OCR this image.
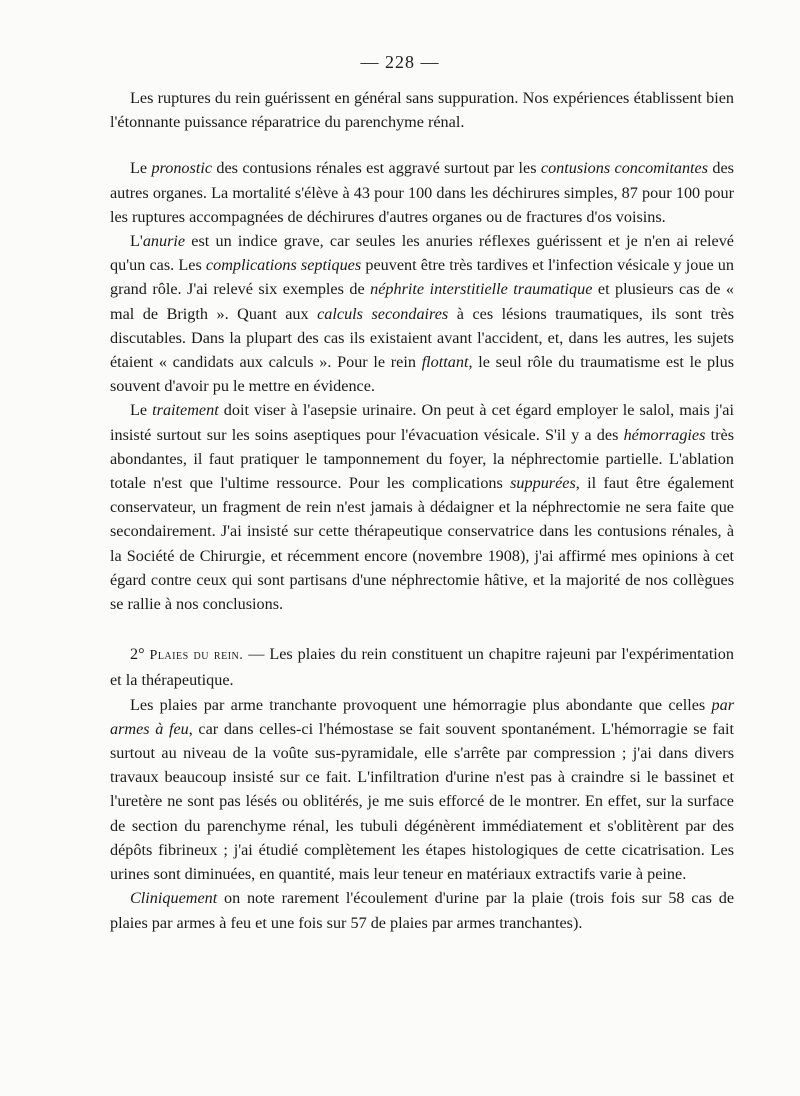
— 228 —

Les ruptures du rein guérissent en général sans suppuration. Nos expériences établissent bien l'étonnante puissance réparatrice du parenchyme rénal.

Le pronostic des contusions rénales est aggravé surtout par les contusions concomitantes des autres organes. La mortalité s'élève à 43 pour 100 dans les déchirures simples, 87 pour 100 pour les ruptures accompagnées de déchirures d'autres organes ou de fractures d'os voisins.

L'anurie est un indice grave, car seules les anuries réflexes guérissent et je n'en ai relevé qu'un cas. Les complications septiques peuvent être très tardives et l'infection vésicale y joue un grand rôle. J'ai relevé six exemples de néphrite interstitielle traumatique et plusieurs cas de « mal de Brigth ». Quant aux calculs secondaires à ces lésions traumatiques, ils sont très discutables. Dans la plupart des cas ils existaient avant l'accident, et, dans les autres, les sujets étaient « candidats aux calculs ». Pour le rein flottant, le seul rôle du traumatisme est le plus souvent d'avoir pu le mettre en évidence.

Le traitement doit viser à l'asepsie urinaire. On peut à cet égard employer le salol, mais j'ai insisté surtout sur les soins aseptiques pour l'évacuation vésicale. S'il y a des hémorragies très abondantes, il faut pratiquer le tamponnement du foyer, la néphrectomie partielle. L'ablation totale n'est que l'ultime ressource. Pour les complications suppurées, il faut être également conservateur, un fragment de rein n'est jamais à dédaigner et la néphrectomie ne sera faite que secondairement. J'ai insisté sur cette thérapeutique conservatrice dans les contusions rénales, à la Société de Chirurgie, et récemment encore (novembre 1908), j'ai affirmé mes opinions à cet égard contre ceux qui sont partisans d'une néphrectomie hâtive, et la majorité de nos collègues se rallie à nos conclusions.

2° Plaies du rein. — Les plaies du rein constituent un chapitre rajeuni par l'expérimentation et la thérapeutique.

Les plaies par arme tranchante provoquent une hémorragie plus abondante que celles par armes à feu, car dans celles-ci l'hémostase se fait souvent spontanément. L'hémorragie se fait surtout au niveau de la voûte sus-pyramidale, elle s'arrête par compression ; j'ai dans divers travaux beaucoup insisté sur ce fait. L'infiltration d'urine n'est pas à craindre si le bassinet et l'uretère ne sont pas lésés ou oblitérés, je me suis efforcé de le montrer. En effet, sur la surface de section du parenchyme rénal, les tubuli dégénèrent immédiatement et s'oblitèrent par des dépôts fibrineux ; j'ai étudié complètement les étapes histologiques de cette cicatrisation. Les urines sont diminuées, en quantité, mais leur teneur en matériaux extractifs varie à peine.

Cliniquement on note rarement l'écoulement d'urine par la plaie (trois fois sur 58 cas de plaies par armes à feu et une fois sur 57 de plaies par armes tranchantes).
